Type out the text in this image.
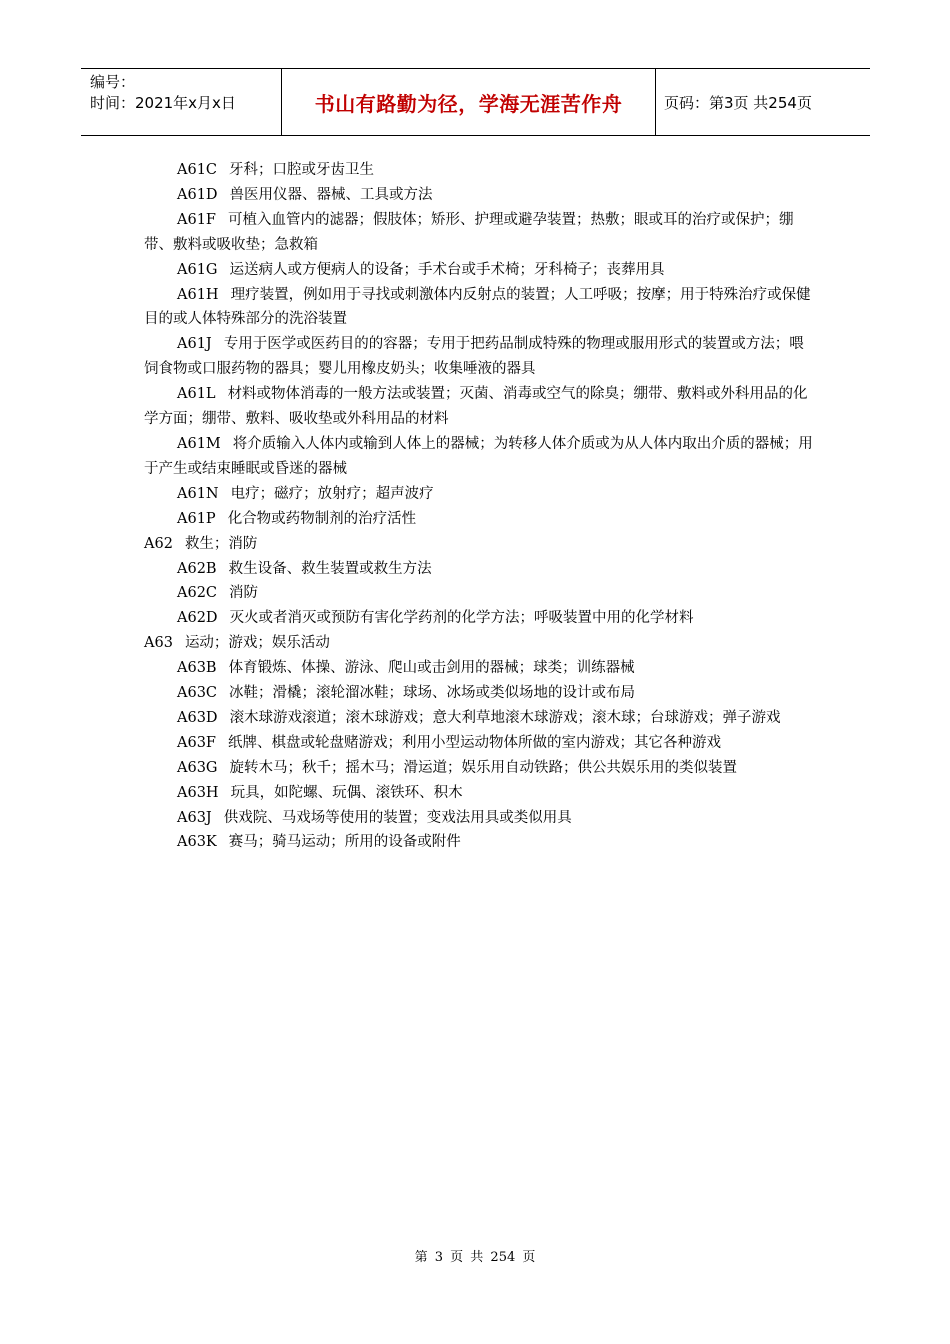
编号：
时间：2021年x月x日	书山有路勤为径，学海无涯苦作舟	页码：第3页 共254页

A61C 牙科；口腔或牙齿卫生

A61D 兽医用仪器、器械、工具或方法

A61F 可植入血管内的滤器；假肢体；矫形、护理或避孕装置；热敷；眼或耳的治疗或保护；绷带、敷料或吸收垫；急救箱

A61G 运送病人或方便病人的设备；手术台或手术椅；牙科椅子；丧葬用具

A61H 理疗装置，例如用于寻找或刺激体内反射点的装置；人工呼吸；按摩；用于特殊治疗或保健目的或人体特殊部分的洗浴装置

A61J 专用于医学或医药目的的容器；专用于把药品制成特殊的物理或服用形式的装置或方法；喂饲食物或口服药物的器具；婴儿用橡皮奶头；收集唾液的器具

A61L 材料或物体消毒的一般方法或装置；灭菌、消毒或空气的除臭；绷带、敷料或外科用品的化学方面；绷带、敷料、吸收垫或外科用品的材料

A61M 将介质输入人体内或输到人体上的器械；为转移人体介质或为从人体内取出介质的器械；用于产生或结束睡眠或昏迷的器械

A61N 电疗；磁疗；放射疗；超声波疗

A61P 化合物或药物制剂的治疗活性

A62 救生；消防

A62B 救生设备、救生装置或救生方法

A62C 消防

A62D 灭火或者消灭或预防有害化学药剂的化学方法；呼吸装置中用的化学材料

A63 运动；游戏；娱乐活动

A63B 体育锻炼、体操、游泳、爬山或击剑用的器械；球类；训练器械

A63C 冰鞋；滑橇；滚轮溜冰鞋；球场、冰场或类似场地的设计或布局

A63D 滚木球游戏滚道；滚木球游戏；意大利草地滚木球游戏；滚木球；台球游戏；弹子游戏

A63F 纸牌、棋盘或轮盘赌游戏；利用小型运动物体所做的室内游戏；其它各种游戏

A63G 旋转木马；秋千；摇木马；滑运道；娱乐用自动铁路；供公共娱乐用的类似装置

A63H 玩具，如陀螺、玩偶、滚铁环、积木

A63J 供戏院、马戏场等使用的装置；变戏法用具或类似用具

A63K 赛马；骑马运动；所用的设备或附件

第 3 页 共 254 页
